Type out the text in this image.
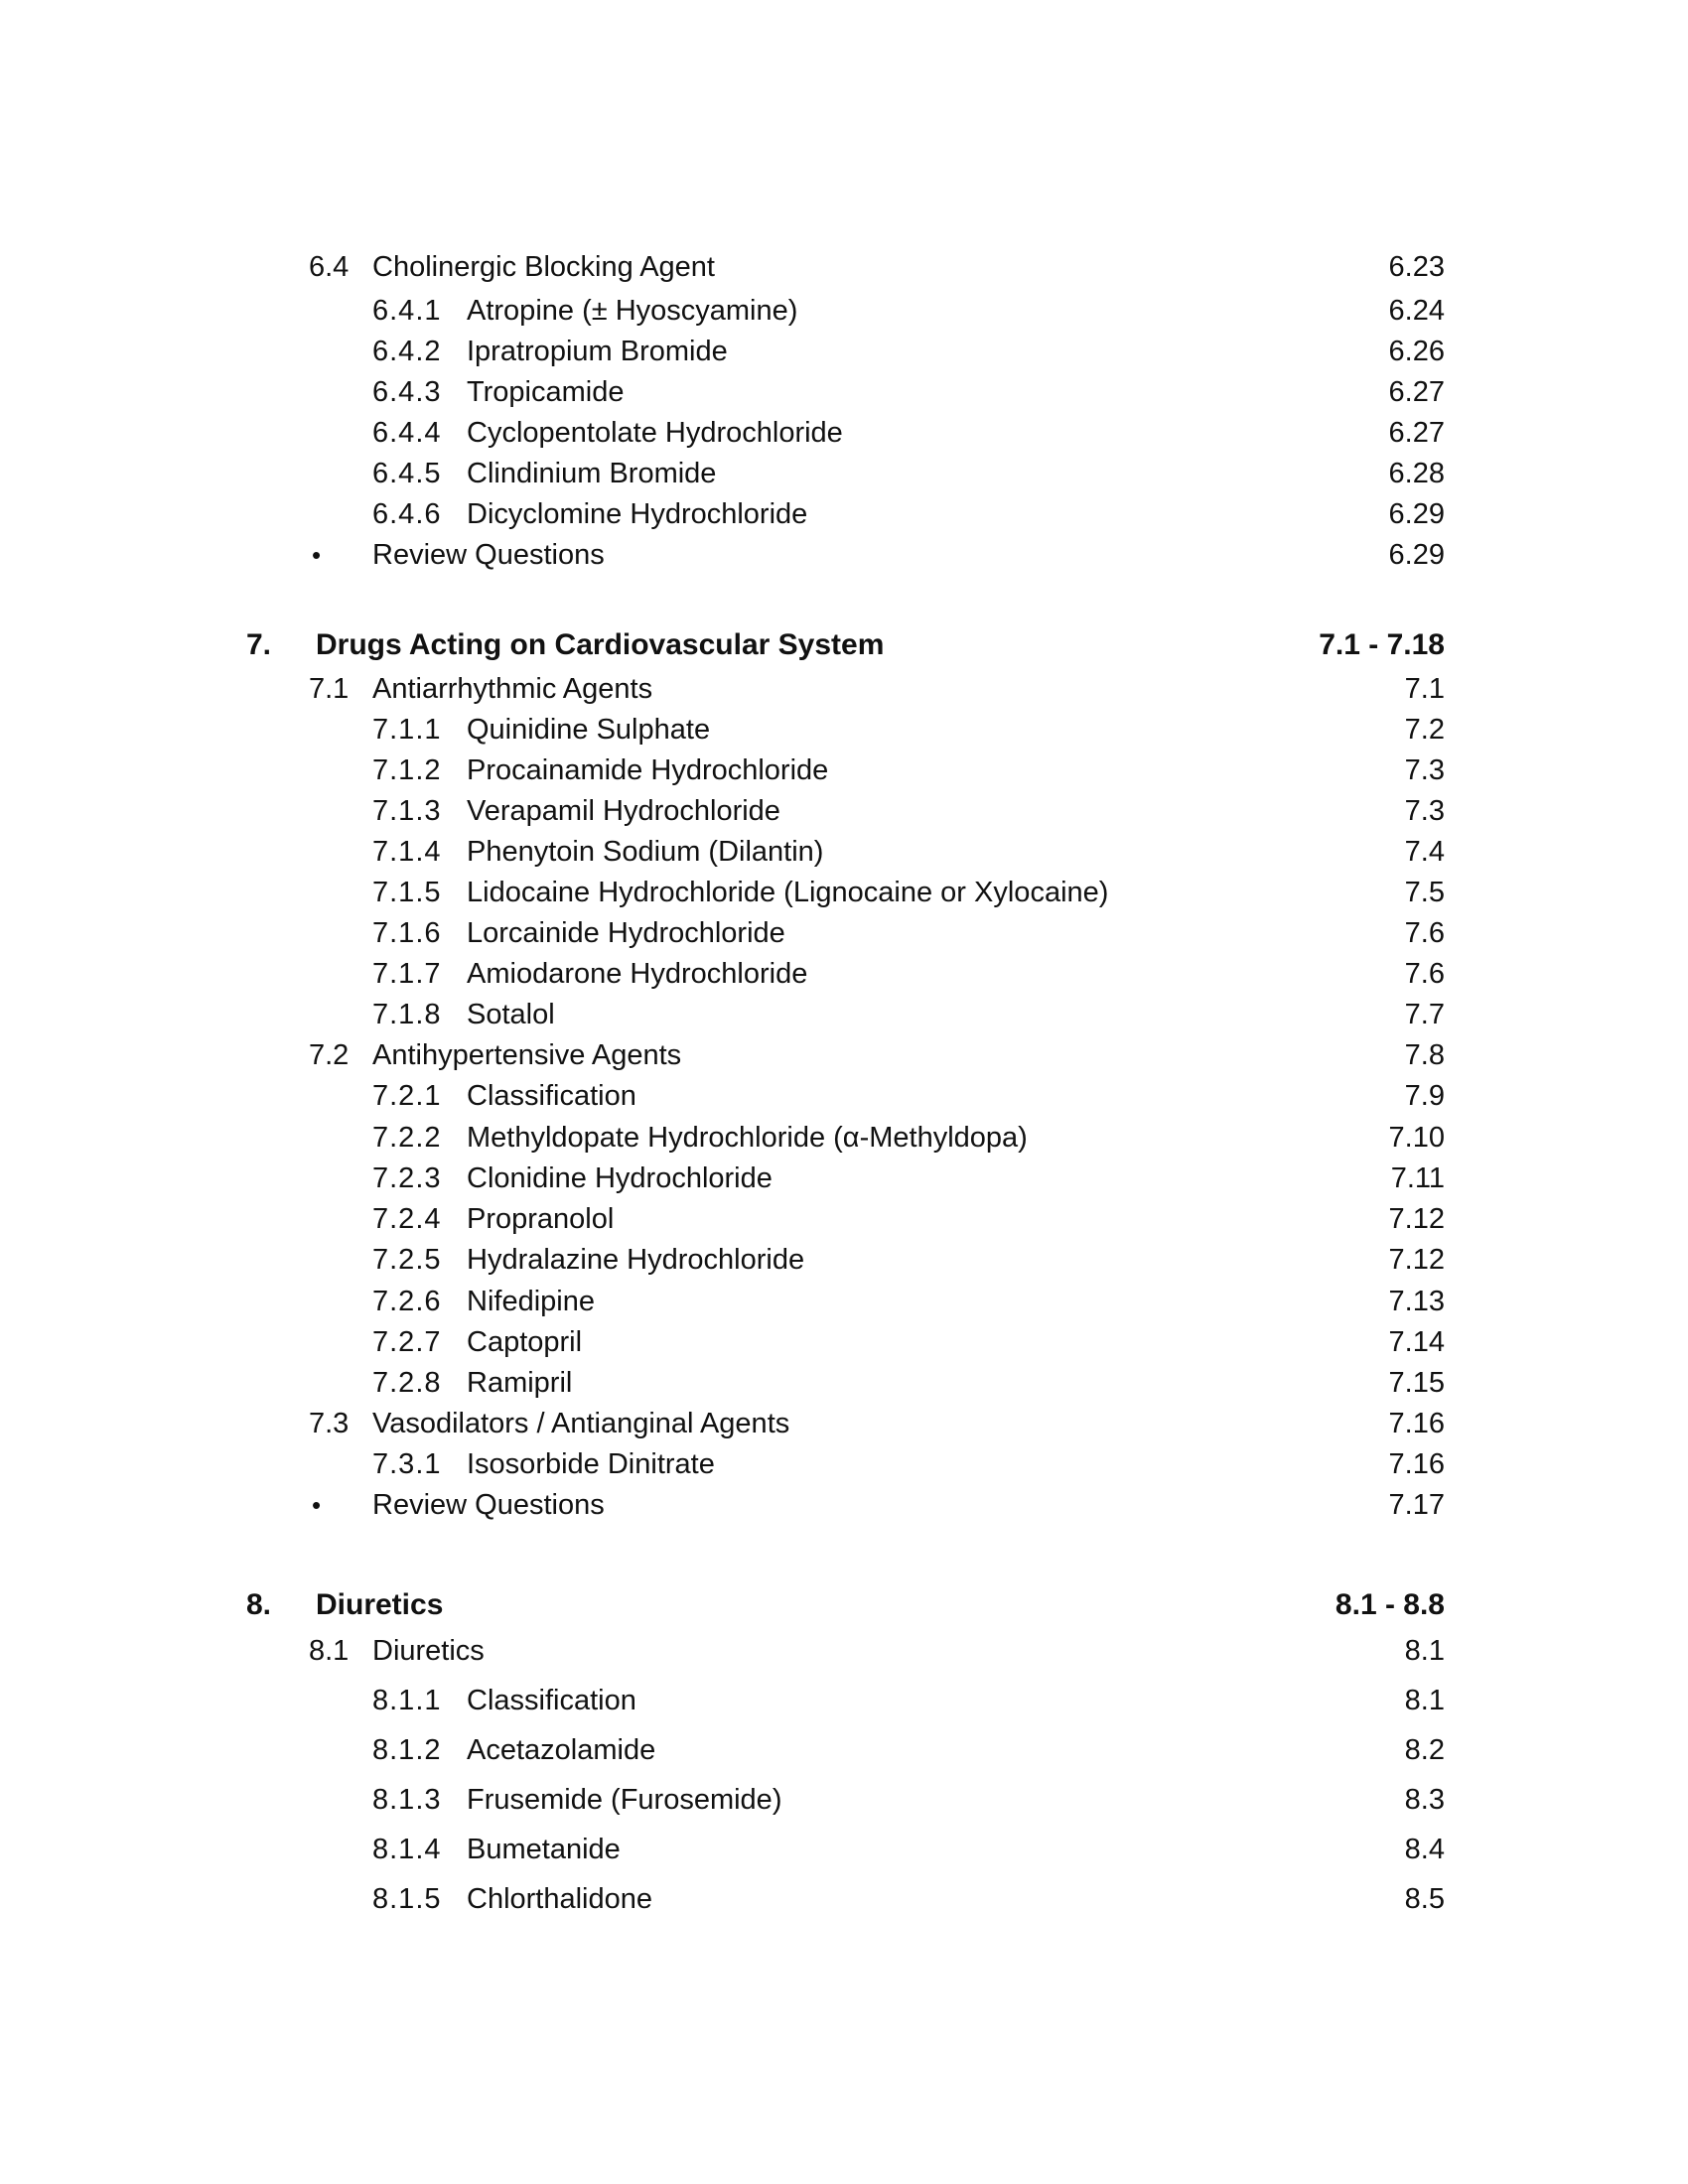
6.4 Cholinergic Blocking Agent	6.23
6.4.1 Atropine (± Hyoscyamine)	6.24
6.4.2 Ipratropium Bromide	6.26
6.4.3 Tropicamide	6.27
6.4.4 Cyclopentolate Hydrochloride	6.27
6.4.5 Clindinium Bromide	6.28
6.4.6 Dicyclomine Hydrochloride	6.29
• Review Questions	6.29
7. Drugs Acting on Cardiovascular System	7.1 - 7.18
7.1 Antiarrhythmic Agents	7.1
7.1.1 Quinidine Sulphate	7.2
7.1.2 Procainamide Hydrochloride	7.3
7.1.3 Verapamil Hydrochloride	7.3
7.1.4 Phenytoin Sodium (Dilantin)	7.4
7.1.5 Lidocaine Hydrochloride (Lignocaine or Xylocaine)	7.5
7.1.6 Lorcainide Hydrochloride	7.6
7.1.7 Amiodarone Hydrochloride	7.6
7.1.8 Sotalol	7.7
7.2 Antihypertensive Agents	7.8
7.2.1 Classification	7.9
7.2.2 Methyldopate Hydrochloride (α-Methyldopa)	7.10
7.2.3 Clonidine Hydrochloride	7.11
7.2.4 Propranolol	7.12
7.2.5 Hydralazine Hydrochloride	7.12
7.2.6 Nifedipine	7.13
7.2.7 Captopril	7.14
7.2.8 Ramipril	7.15
7.3 Vasodilators / Antianginal Agents	7.16
7.3.1 Isosorbide Dinitrate	7.16
• Review Questions	7.17
8. Diuretics	8.1 - 8.8
8.1 Diuretics	8.1
8.1.1 Classification	8.1
8.1.2 Acetazolamide	8.2
8.1.3 Frusemide (Furosemide)	8.3
8.1.4 Bumetanide	8.4
8.1.5 Chlorthalidone	8.5
